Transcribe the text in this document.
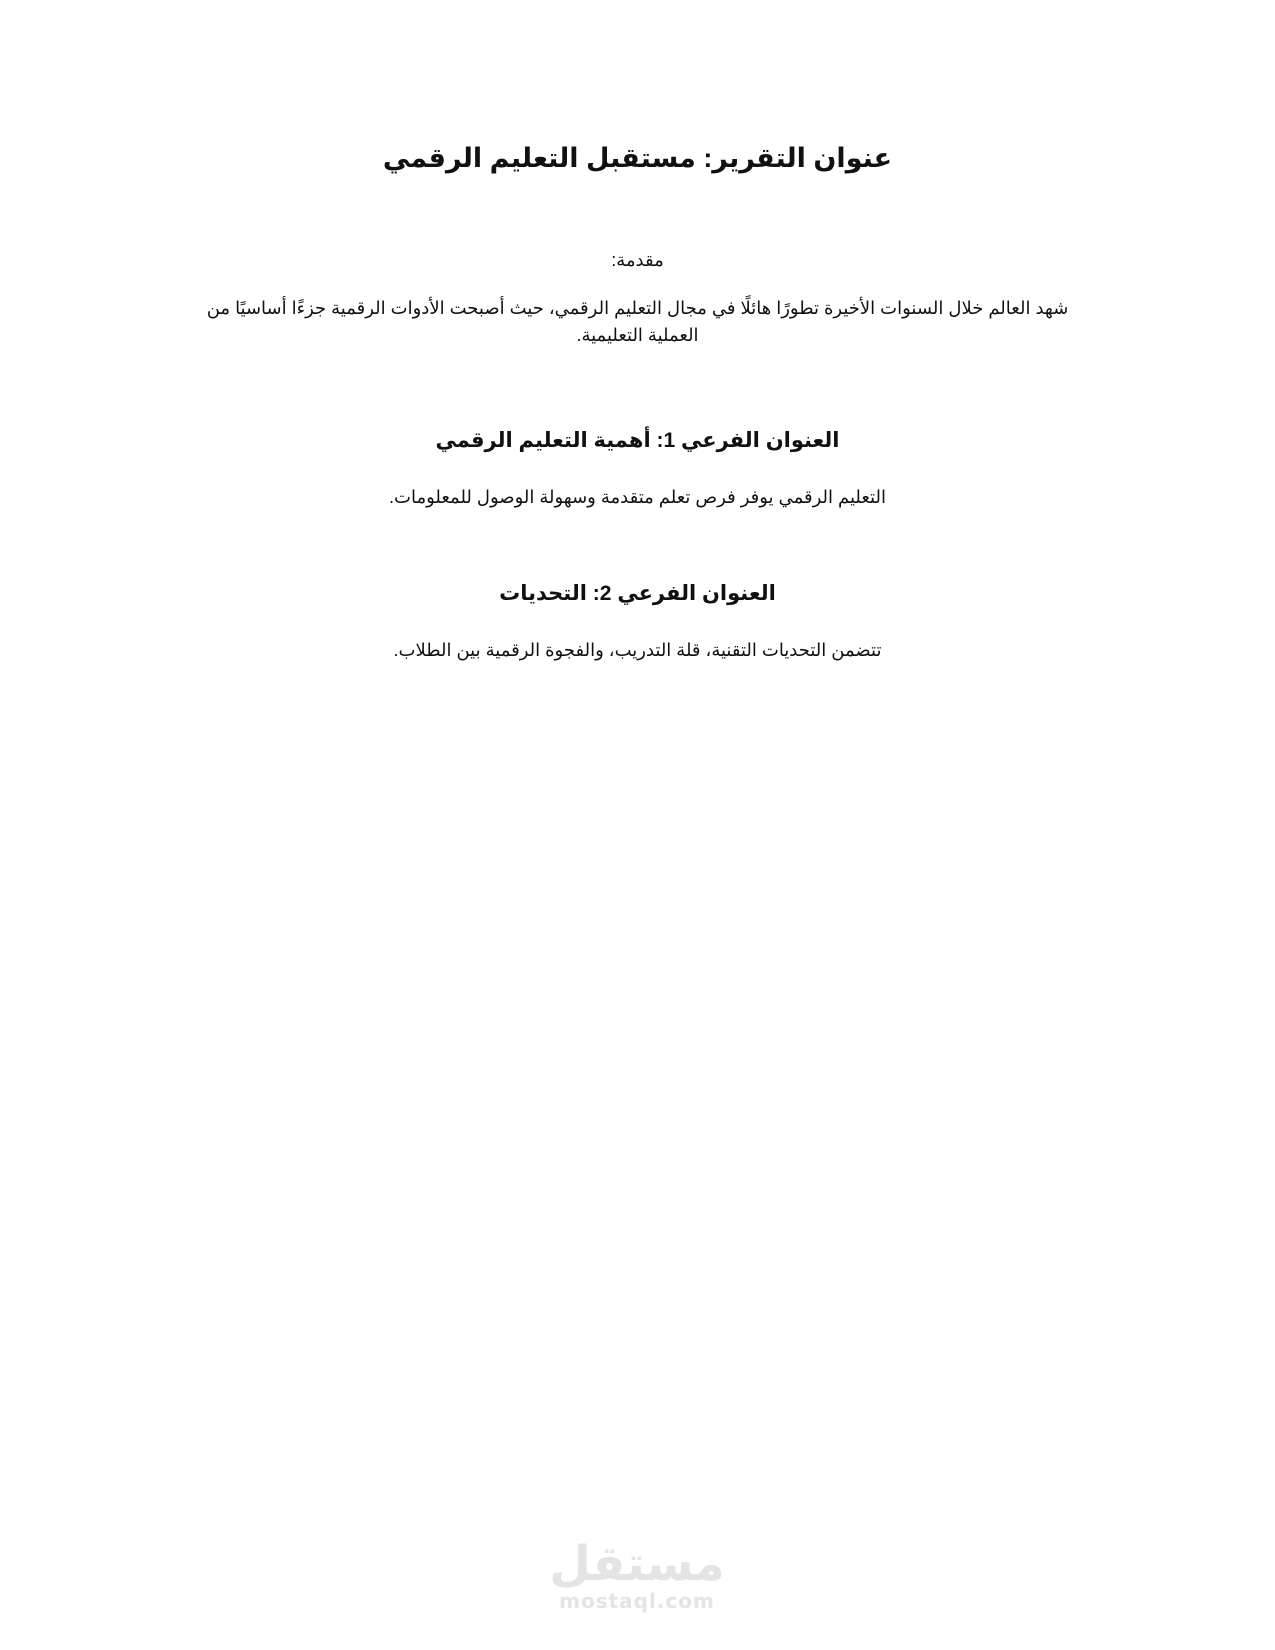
عنوان التقرير: مستقبل التعليم الرقمي
مقدمة:
شهد العالم خلال السنوات الأخيرة تطورًا هائلًا في مجال التعليم الرقمي، حيث أصبحت الأدوات الرقمية جزءًا أساسيًا من
.العملية التعليمية
العنوان الفرعي 1: أهمية التعليم الرقمي
.التعليم الرقمي يوفر فرص تعلم متقدمة وسهولة الوصول للمعلومات
العنوان الفرعي 2: التحديات
.تتضمن التحديات التقنية، قلة التدريب، والفجوة الرقمية بين الطلاب
مستقل
mostaql.com
